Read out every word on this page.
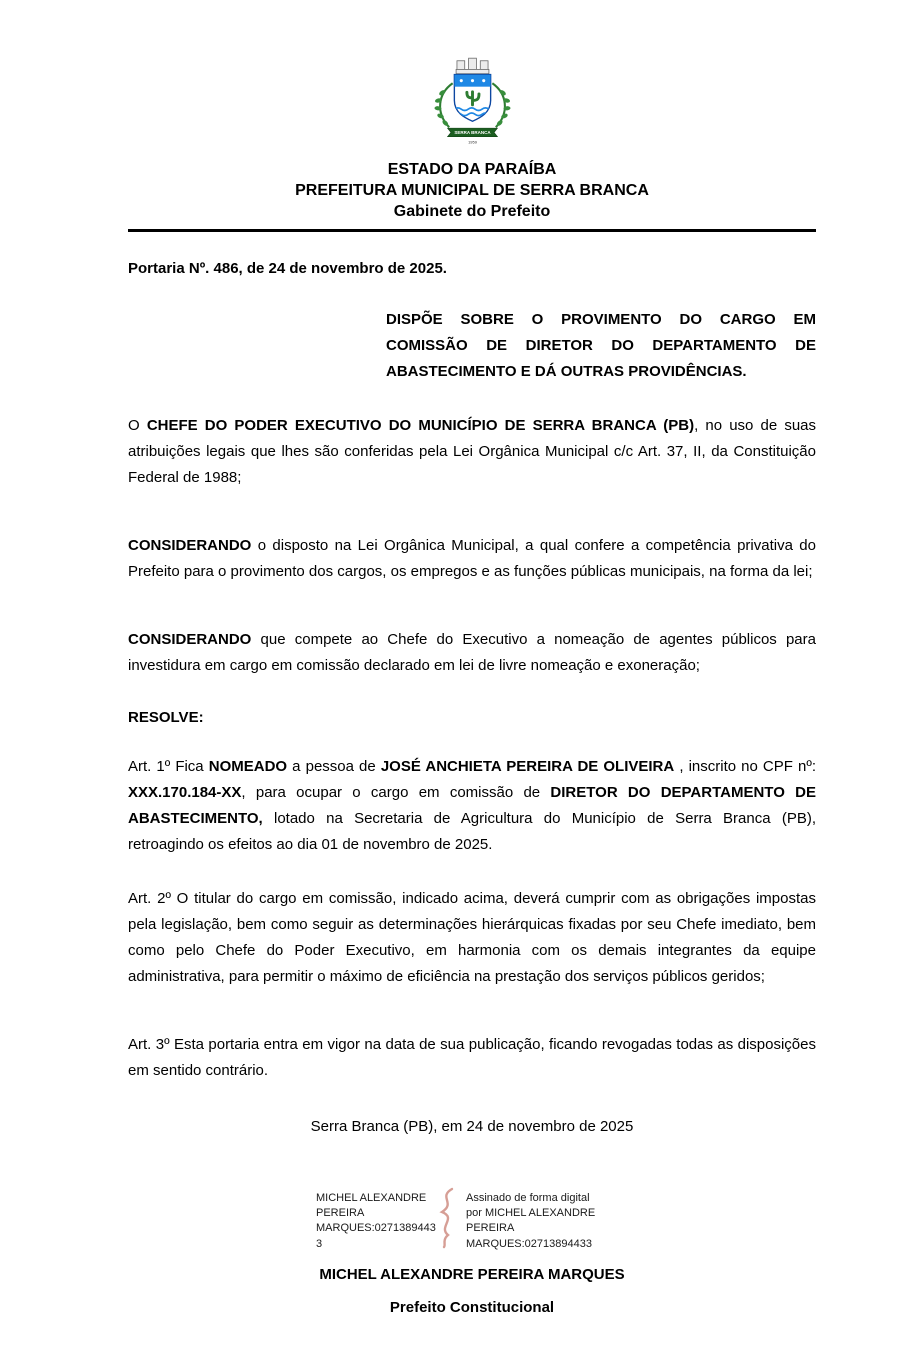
SERRA BRANCA
1959
ESTADO DA PARAÍBA
PREFEITURA MUNICIPAL DE SERRA BRANCA
Gabinete do Prefeito

Portaria Nº. 486, de 24 de novembro de 2025.

DISPÕE SOBRE O PROVIMENTO DO CARGO EM COMISSÃO DE DIRETOR DO DEPARTAMENTO DE ABASTECIMENTO E DÁ OUTRAS PROVIDÊNCIAS.

O CHEFE DO PODER EXECUTIVO DO MUNICÍPIO DE SERRA BRANCA (PB), no uso de suas atribuições legais que lhes são conferidas pela Lei Orgânica Municipal c/c Art. 37, II, da Constituição Federal de 1988;

CONSIDERANDO o disposto na Lei Orgânica Municipal, a qual confere a competência privativa do Prefeito para o provimento dos cargos, os empregos e as funções públicas municipais, na forma da lei;

CONSIDERANDO que compete ao Chefe do Executivo a nomeação de agentes públicos para investidura em cargo em comissão declarado em lei de livre nomeação e exoneração;

RESOLVE:

Art. 1º Fica NOMEADO a pessoa de JOSÉ ANCHIETA PEREIRA DE OLIVEIRA , inscrito no CPF nº: XXX.170.184-XX, para ocupar o cargo em comissão de DIRETOR DO DEPARTAMENTO DE ABASTECIMENTO, lotado na Secretaria de Agricultura do Município de Serra Branca (PB), retroagindo os efeitos ao dia 01 de novembro de 2025.

Art. 2º O titular do cargo em comissão, indicado acima, deverá cumprir com as obrigações impostas pela legislação, bem como seguir as determinações hierárquicas fixadas por seu Chefe imediato, bem como pelo Chefe do Poder Executivo, em harmonia com os demais integrantes da equipe administrativa, para permitir o máximo de eficiência na prestação dos serviços públicos geridos;

Art. 3º Esta portaria entra em vigor na data de sua publicação, ficando revogadas todas as disposições em sentido contrário.

Serra Branca (PB), em 24 de novembro de 2025

MICHEL ALEXANDRE PEREIRA MARQUES:0271389443 3
Assinado de forma digital por MICHEL ALEXANDRE PEREIRA MARQUES:02713894433

MICHEL ALEXANDRE PEREIRA MARQUES

Prefeito Constitucional
